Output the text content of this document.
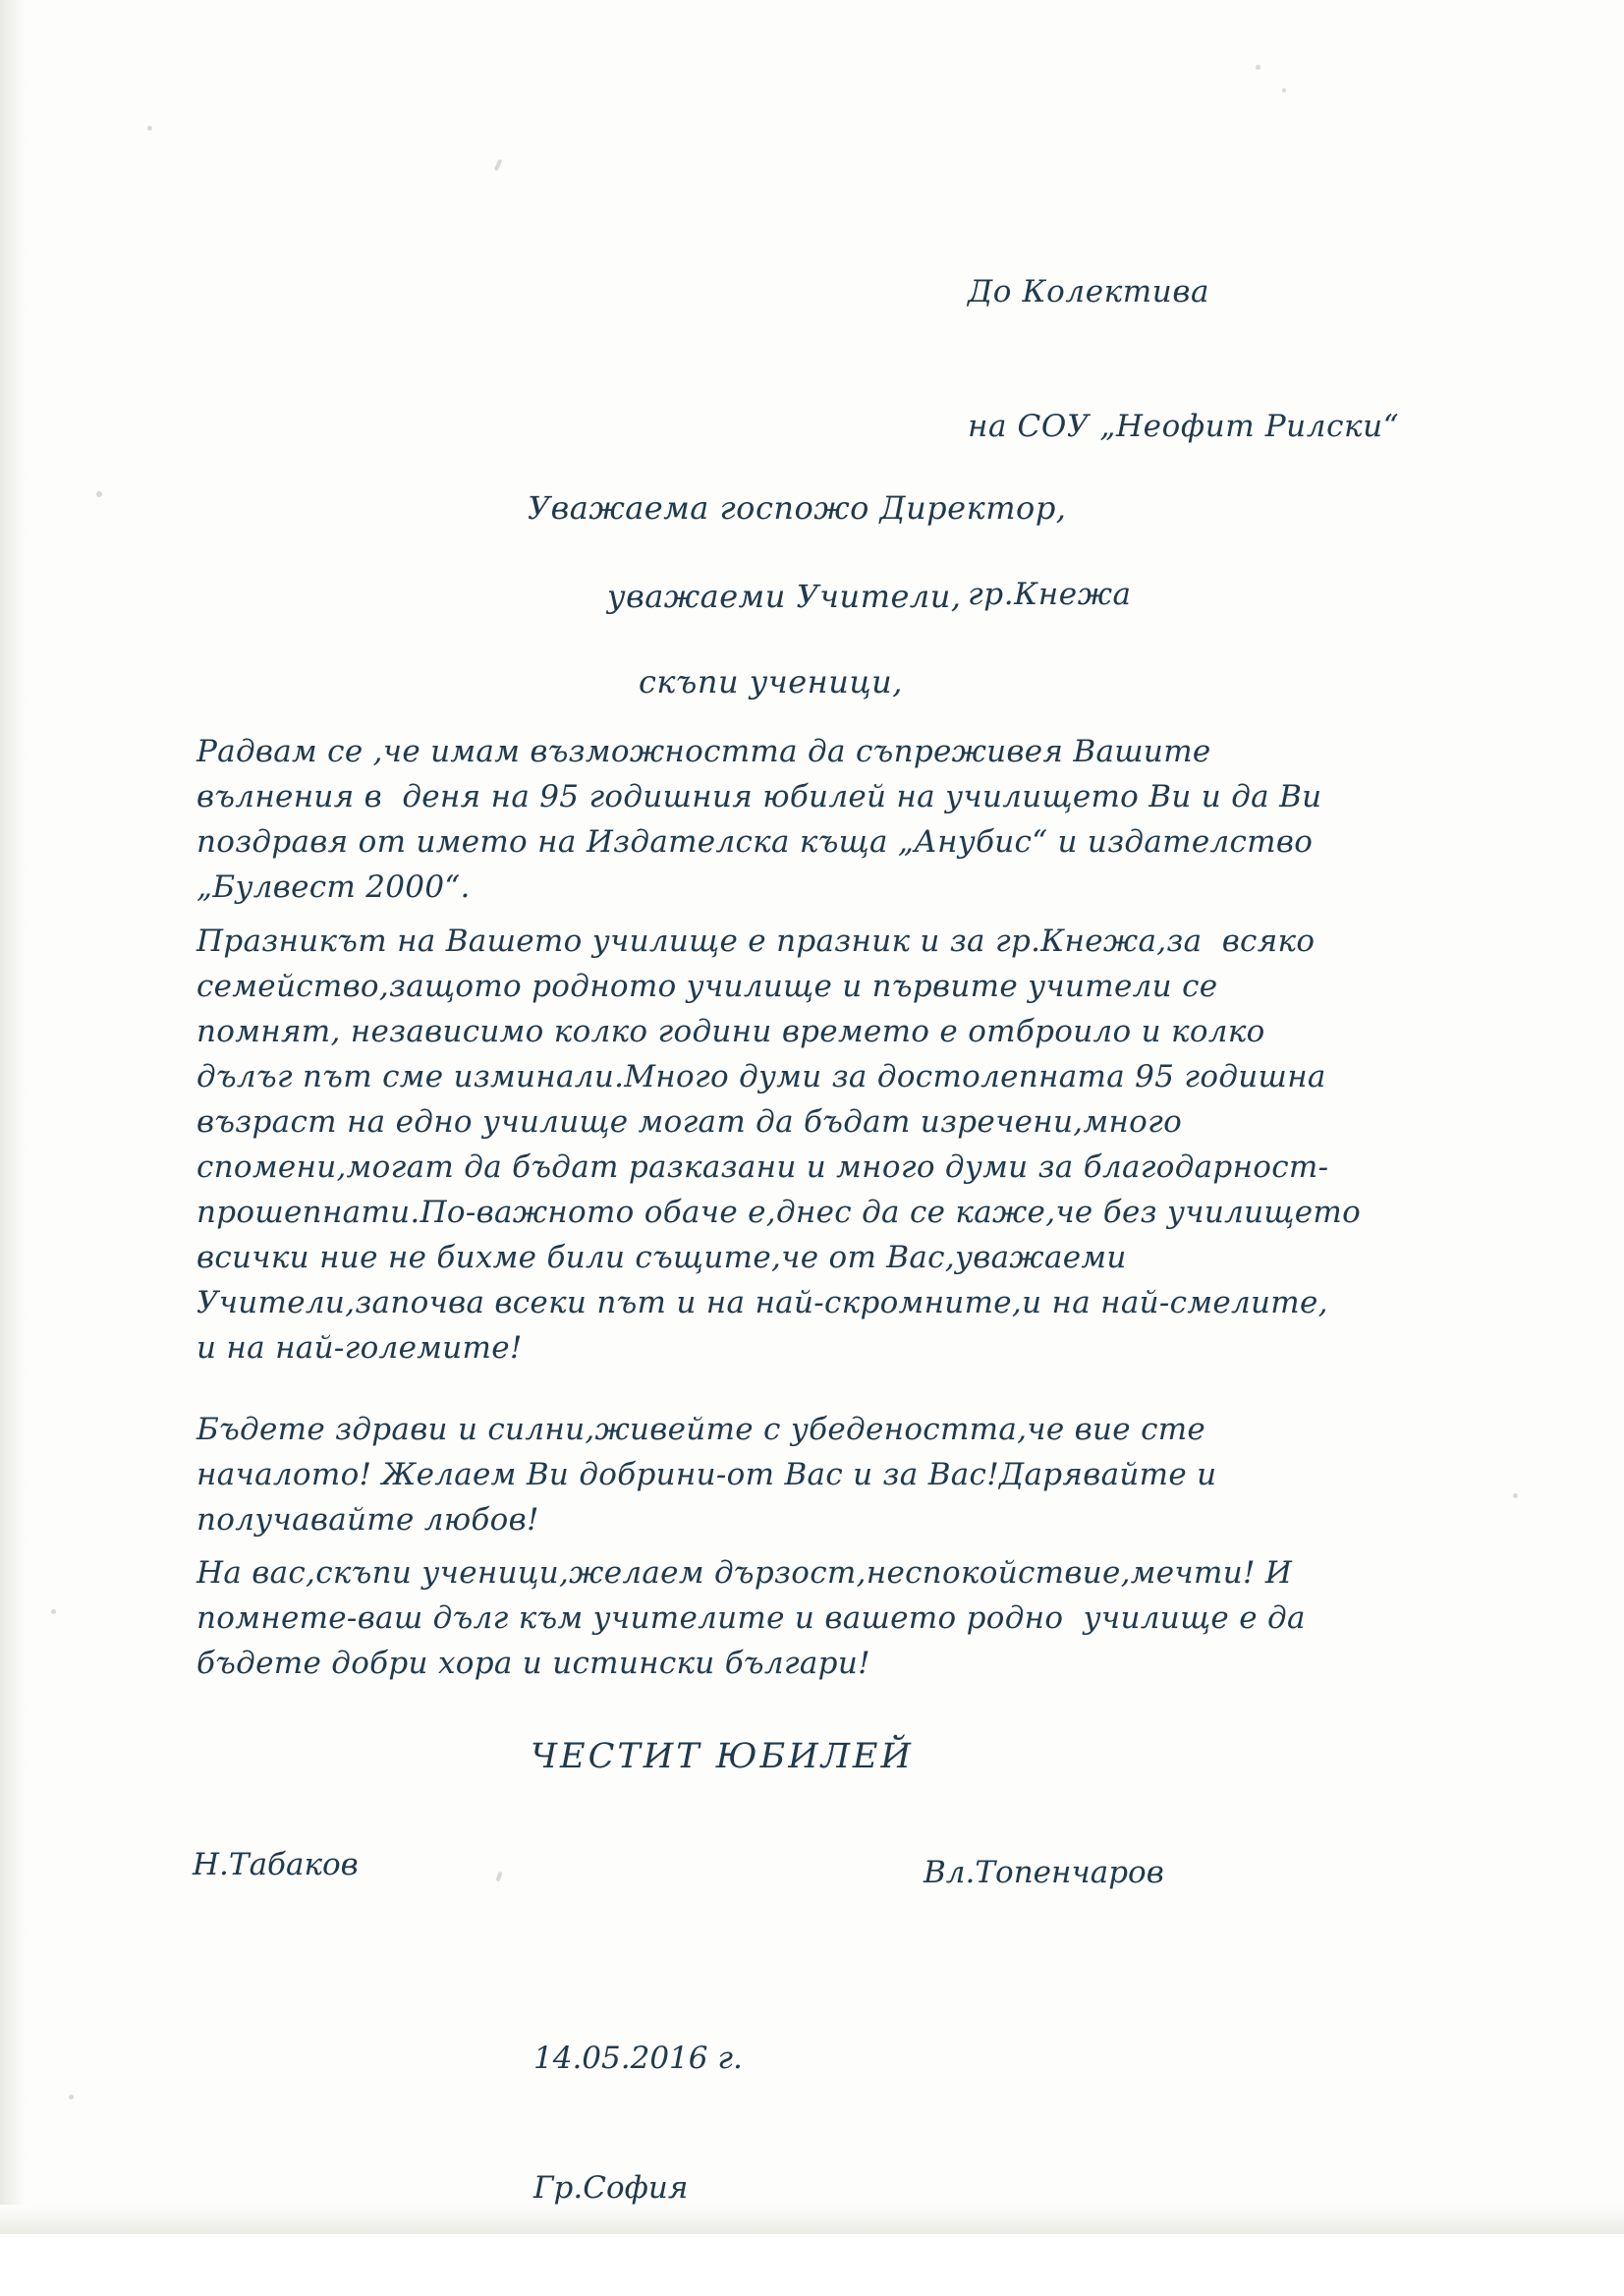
До Колектива

на СОУ „Неофит Рилски“

гр.Кнежа

Уважаема госпожо Директор,
уважаеми Учители,
скъпи ученици,
Радвам се ,че имам възможността да съпреживея Вашите вълнения в  деня на 95 годишния юбилей на училището Ви и да Ви поздравя от името на Издателска къща „Анубис“ и издателство „Булвест 2000“.
Празникът на Вашето училище е празник и за гр.Кнежа,за  всяко семейство,защото родното училище и първите учители се помнят, независимо колко години времето е отброило и колко дълъг път сме изминали.Много думи за достолепната 95 годишна възраст на едно училище могат да бъдат изречени,много спомени,могат да бъдат разказани и много думи за благодарност- прошепнати.По-важното обаче е,днес да се каже,че без училището всички ние не бихме били същите,че от Вас,уважаеми Учители,започва всеки път и на най-скромните,и на най-смелите,  и на най-големите!
Бъдете здрави и силни,живейте с убедеността,че вие сте началото! Желаем Ви добрини-от Вас и за Вас!Дарявайте и получавайте любов!
На вас,скъпи ученици,желаем дързост,неспокойствие,мечти! И помнете-ваш дълг към учителите и вашето родно  училище е да бъдете добри хора и истински българи!
ЧЕСТИТ ЮБИЛЕЙ
Н.Табаков	Вл.Топенчаров

14.05.2016 г.

Гр.София
